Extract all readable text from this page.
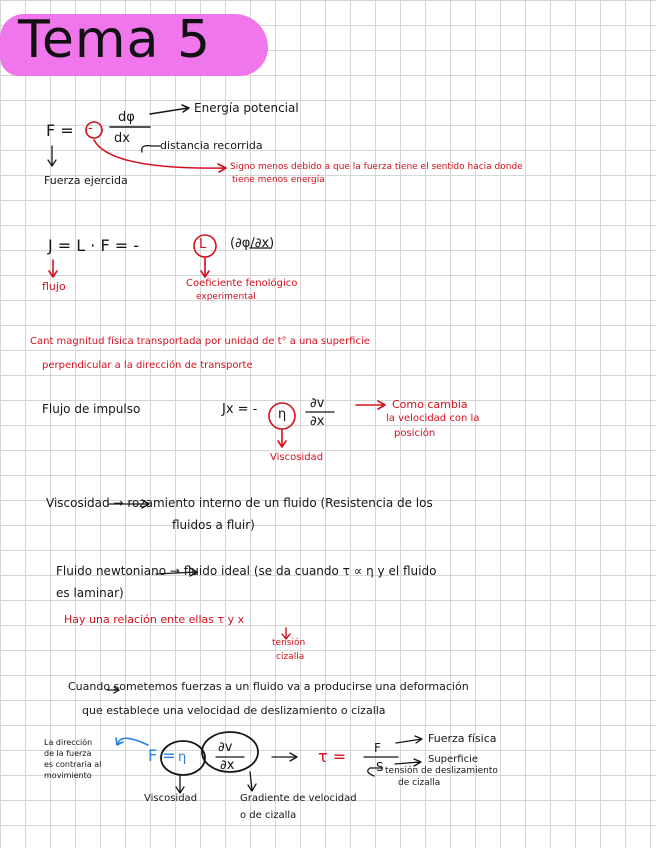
Tema 5
F = -
dφ
dx
Energía potencial
distancia recorrida
Fuerza ejercida
Signo menos debido a que la fuerza tiene el sentido hacia donde
tiene menos energía
J = L · F = -	L (∂φ/∂x)
flujo	Coeficiente fenológico
experimental
Cant magnitud física transportada por unidad de t° a una superficie
perpendicular a la dirección de transporte
Flujo de impulso	Jx = - η
∂v
∂x
Como cambia
la velocidad con la
posición
Viscosidad
Viscosidad → rozamiento interno de un fluido (Resistencia de los
fluidos a fluir)
Fluido newtoniano → fluido ideal (se da cuando τ ∝ η y el fluido
es laminar)
Hay una relación ente ellas τ y x
tensión
cizalla
Cuando sometemos fuerzas a un fluido va a producirse una deformación
que establece una velocidad de deslizamiento o cizalla
La dirección
de la fuerza
es contraria al
movimiento
F = η
∂v
∂x	τ = F
S
Fuerza física
Superficie
tensión de deslizamiento
de cizalla
Viscosidad	Gradiente de velocidad
o de cizalla
